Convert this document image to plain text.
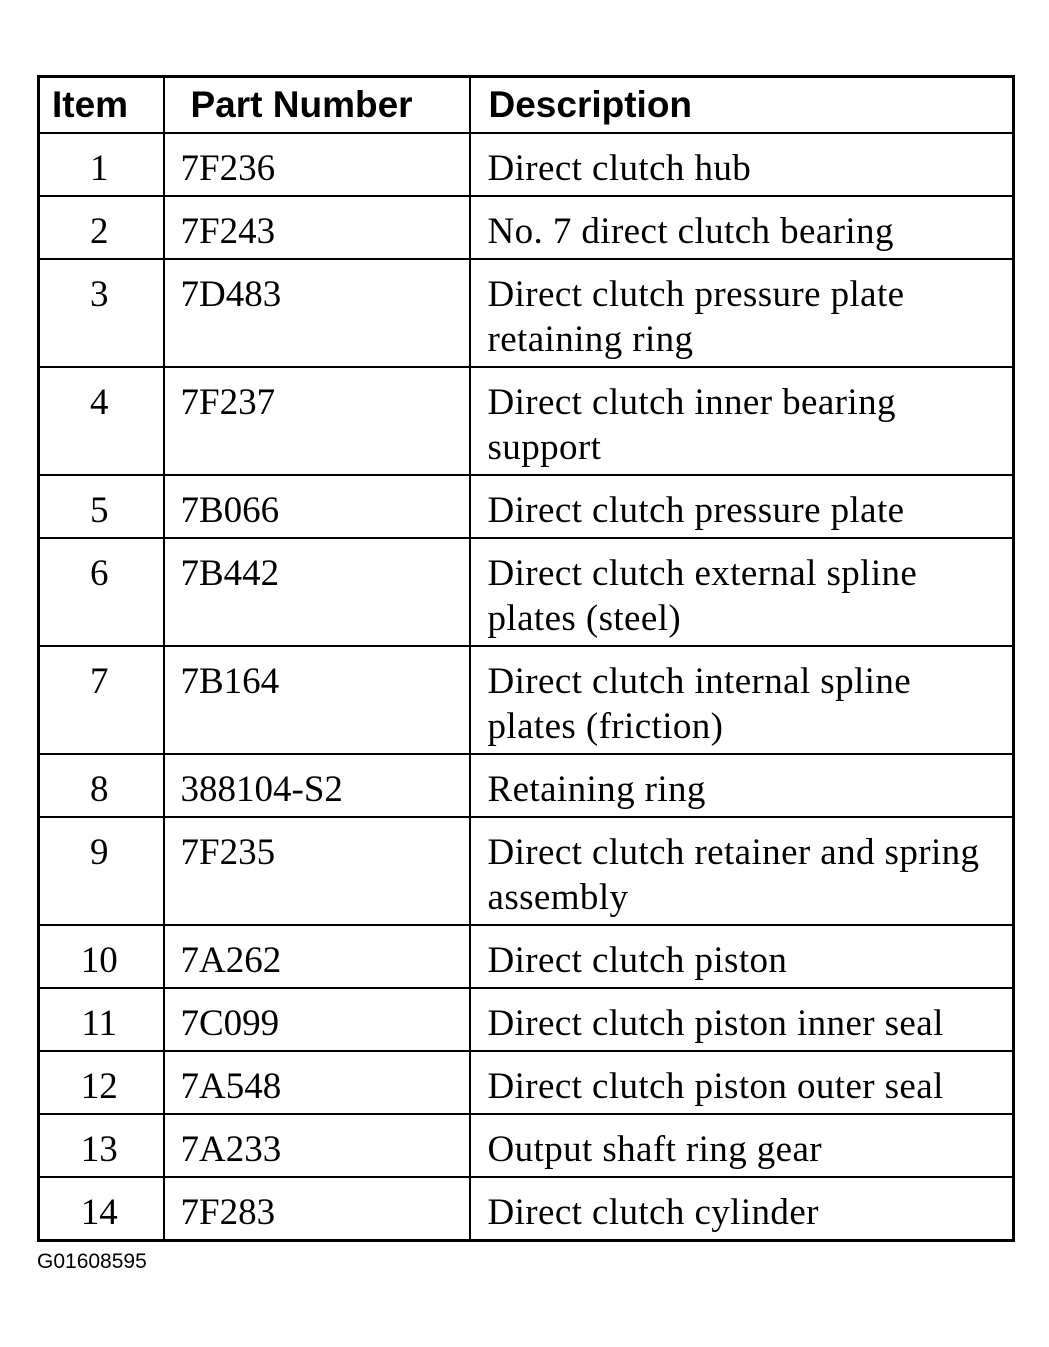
Item	Part Number	Description
1	7F236	Direct clutch hub
2	7F243	No. 7 direct clutch bearing
3	7D483	Direct clutch pressure plate retaining ring
4	7F237	Direct clutch inner bearing support
5	7B066	Direct clutch pressure plate
6	7B442	Direct clutch external spline plates (steel)
7	7B164	Direct clutch internal spline plates (friction)
8	388104-S2	Retaining ring
9	7F235	Direct clutch retainer and spring assembly
10	7A262	Direct clutch piston
11	7C099	Direct clutch piston inner seal
12	7A548	Direct clutch piston outer seal
13	7A233	Output shaft ring gear
14	7F283	Direct clutch cylinder
G01608595
